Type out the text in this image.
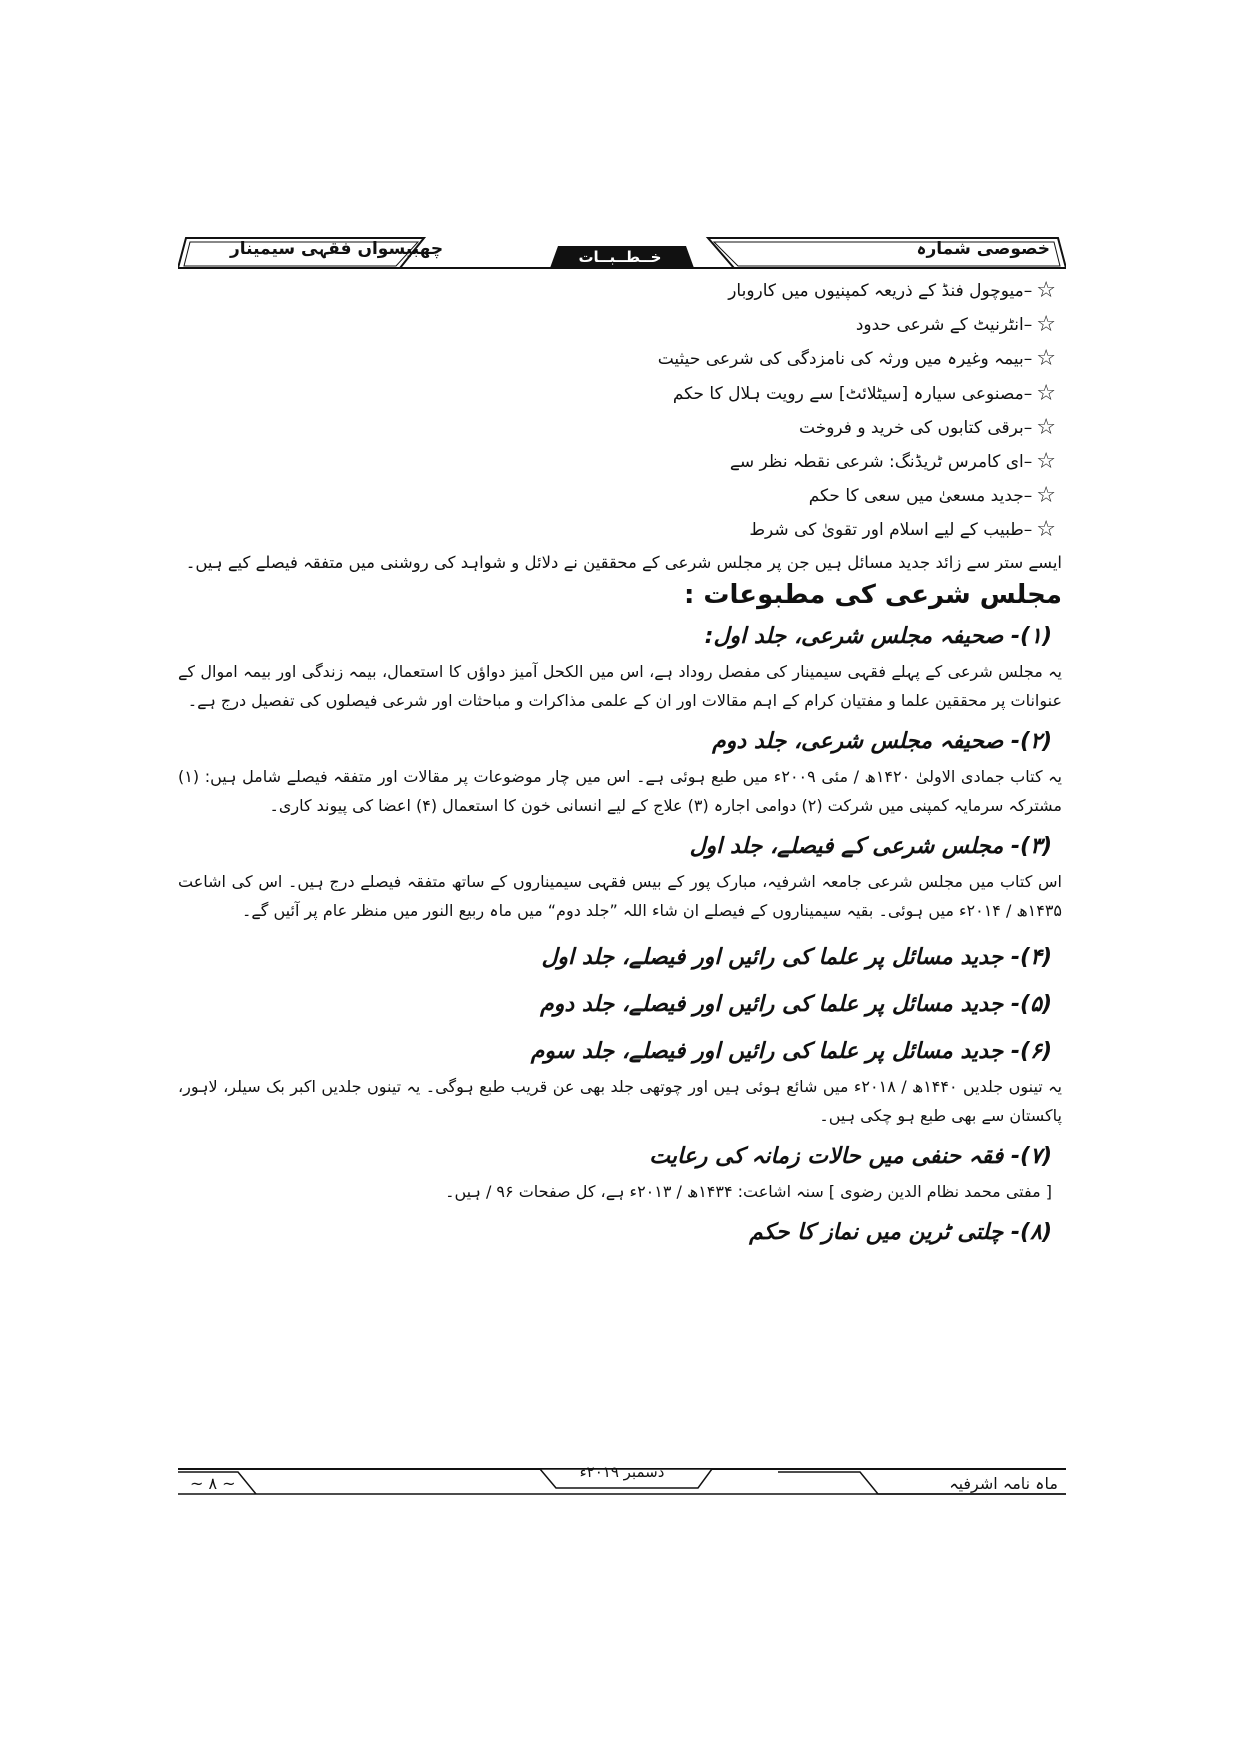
خصوصی شمارہ
چھبیسواں فقہی سیمینار	خــطــبــات
☆–میوچول فنڈ کے ذریعہ کمپنیوں میں کاروبار
☆–انٹرنیٹ کے شرعی حدود
☆–بیمہ وغیرہ میں ورثہ کی نامزدگی کی شرعی حیثیت
☆–مصنوعی سیارہ [سیٹلائٹ] سے رویت ہلال کا حکم
☆–برقی کتابوں کی خرید و فروخت
☆–ای کامرس ٹریڈنگ: شرعی نقطہ نظر سے
☆–جدید مسعیٰ میں سعی کا حکم
☆–طبیب کے لیے اسلام اور تقویٰ کی شرط

ایسے ستر سے زائد جدید مسائل ہیں جن پر مجلس شرعی کے محققین نے دلائل و شواہد کی روشنی میں متفقہ فیصلے کیے ہیں۔

مجلس شرعی کی مطبوعات :
(۱)- صحیفہ مجلس شرعی، جلد اول:

یہ مجلس شرعی کے پہلے فقہی سیمینار کی مفصل روداد ہے، اس میں الکحل آمیز دواؤں کا استعمال، بیمہ زندگی اور بیمہ اموال کے عنوانات پر محققین علما و مفتیان کرام کے اہم مقالات اور ان کے علمی مذاکرات و مباحثات اور شرعی فیصلوں کی تفصیل درج ہے۔

(۲)- صحیفہ مجلس شرعی، جلد دوم

یہ کتاب جمادی الاولیٰ ۱۴۲۰ھ / مئی ۲۰۰۹ء میں طبع ہوئی ہے۔ اس میں چار موضوعات پر مقالات اور متفقہ فیصلے شامل ہیں: (۱) مشترکہ سرمایہ کمپنی میں شرکت (۲) دوامی اجارہ (۳) علاج کے لیے انسانی خون کا استعمال (۴) اعضا کی پیوند کاری۔

(۳)- مجلس شرعی کے فیصلے، جلد اول

اس کتاب میں مجلس شرعی جامعہ اشرفیہ، مبارک پور کے بیس فقہی سیمیناروں کے ساتھ متفقہ فیصلے درج ہیں۔ اس کی اشاعت ۱۴۳۵ھ / ۲۰۱۴ء میں ہوئی۔ بقیہ سیمیناروں کے فیصلے ان شاء اللہ ”جلد دوم“ میں ماہ ربیع النور میں منظر عام پر آئیں گے۔

(۴)- جدید مسائل پر علما کی رائیں اور فیصلے، جلد اول
(۵)- جدید مسائل پر علما کی رائیں اور فیصلے، جلد دوم
(۶)- جدید مسائل پر علما کی رائیں اور فیصلے، جلد سوم

یہ تینوں جلدیں ۱۴۴۰ھ / ۲۰۱۸ء میں شائع ہوئی ہیں اور چوتھی جلد بھی عن قریب طبع ہوگی۔ یہ تینوں جلدیں اکبر بک سیلر، لاہور، پاکستان سے بھی طبع ہو چکی ہیں۔

(۷)- فقہ حنفی میں حالات زمانہ کی رعایت

[ مفتی محمد نظام الدین رضوی ] سنہ اشاعت: ۱۴۳۴ھ / ۲۰۱۳ء ہے، کل صفحات ۹۶ / ہیں۔

(۸)- چلتی ٹرین میں نماز کا حکم
ماہ نامہ اشرفیہ
دسمبر ۲۰۱۹ء
~ ۸ ~
